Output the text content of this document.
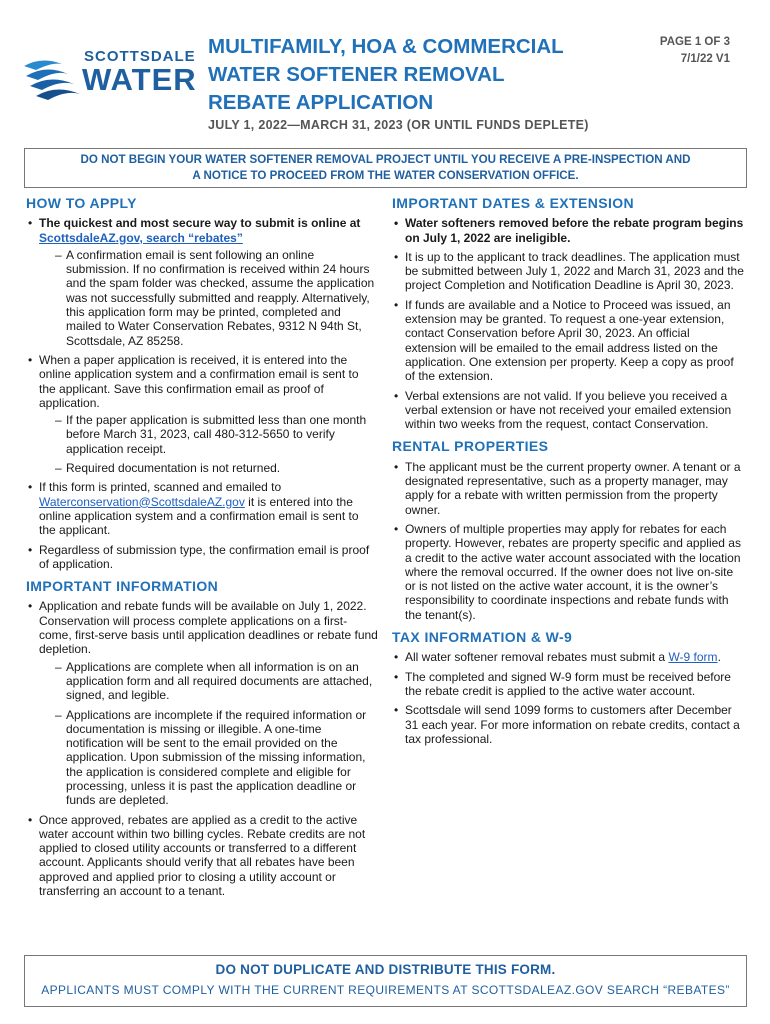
SCOTTSDALE
WATER
MULTIFAMILY, HOA & COMMERCIAL
WATER SOFTENER REMOVAL
REBATE APPLICATION
PAGE 1 OF 3
7/1/22 V1
JULY 1, 2022—MARCH 31, 2023 (OR UNTIL FUNDS DEPLETE)
DO NOT BEGIN YOUR WATER SOFTENER REMOVAL PROJECT UNTIL YOU RECEIVE A PRE-INSPECTION AND
A NOTICE TO PROCEED FROM THE WATER CONSERVATION OFFICE.
HOW TO APPLY
• The quickest and most secure way to submit is online at ScottsdaleAZ.gov, search “rebates”
– A confirmation email is sent following an online submission. If no confirmation is received within 24 hours and the spam folder was checked, assume the application was not successfully submitted and reapply. Alternatively, this application form may be printed, completed and mailed to Water Conservation Rebates, 9312 N 94th St, Scottsdale, AZ 85258.
• When a paper application is received, it is entered into the online application system and a confirmation email is sent to the applicant. Save this confirmation email as proof of application.
– If the paper application is submitted less than one month before March 31, 2023, call 480-312-5650 to verify application receipt.
– Required documentation is not returned.
• If this form is printed, scanned and emailed to Waterconservation@ScottsdaleAZ.gov it is entered into the online application system and a confirmation email is sent to the applicant.
• Regardless of submission type, the confirmation email is proof of application.
IMPORTANT INFORMATION
• Application and rebate funds will be available on July 1, 2022. Conservation will process complete applications on a first-come, first-serve basis until application deadlines or rebate fund depletion.
– Applications are complete when all information is on an application form and all required documents are attached, signed, and legible.
– Applications are incomplete if the required information or documentation is missing or illegible. A one-time notification will be sent to the email provided on the application. Upon submission of the missing information, the application is considered complete and eligible for processing, unless it is past the application deadline or funds are depleted.
• Once approved, rebates are applied as a credit to the active water account within two billing cycles. Rebate credits are not applied to closed utility accounts or transferred to a different account. Applicants should verify that all rebates have been approved and applied prior to closing a utility account or transferring an account to a tenant.
IMPORTANT DATES & EXTENSION
• Water softeners removed before the rebate program begins on July 1, 2022 are ineligible.
• It is up to the applicant to track deadlines. The application must be submitted between July 1, 2022 and March 31, 2023 and the project Completion and Notification Deadline is April 30, 2023.
• If funds are available and a Notice to Proceed was issued, an extension may be granted. To request a one-year extension, contact Conservation before April 30, 2023. An official extension will be emailed to the email address listed on the application. One extension per property. Keep a copy as proof of the extension.
• Verbal extensions are not valid. If you believe you received a verbal extension or have not received your emailed extension within two weeks from the request, contact Conservation.
RENTAL PROPERTIES
• The applicant must be the current property owner. A tenant or a designated representative, such as a property manager, may apply for a rebate with written permission from the property owner.
• Owners of multiple properties may apply for rebates for each property. However, rebates are property specific and applied as a credit to the active water account associated with the location where the removal occurred. If the owner does not live on-site or is not listed on the active water account, it is the owner’s responsibility to coordinate inspections and rebate funds with the tenant(s).
TAX INFORMATION & W-9
• All water softener removal rebates must submit a W-9 form.
• The completed and signed W-9 form must be received before the rebate credit is applied to the active water account.
• Scottsdale will send 1099 forms to customers after December 31 each year. For more information on rebate credits, contact a tax professional.
DO NOT DUPLICATE AND DISTRIBUTE THIS FORM.
APPLICANTS MUST COMPLY WITH THE CURRENT REQUIREMENTS AT SCOTTSDALEAZ.GOV SEARCH “REBATES”
